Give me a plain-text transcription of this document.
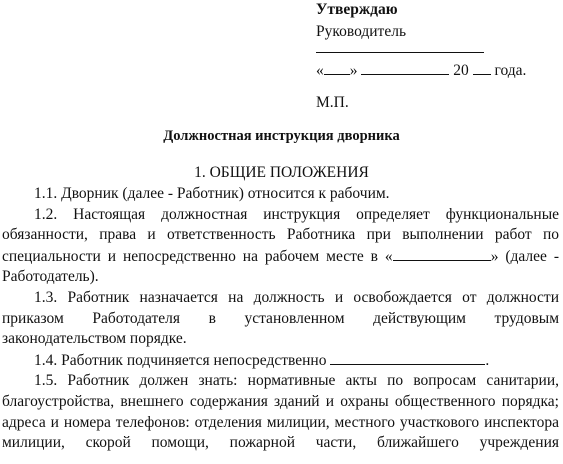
Утверждаю
Руководитель
« »	20 года.
М.П.
Должностная инструкция дворника
1. ОБЩИЕ ПОЛОЖЕНИЯ

1.1. Дворник (далее - Работник) относится к рабочим.

1.2. Настоящая должностная инструкция определяет функциональные обязанности, права и ответственность Работника при выполнении работ по специальности и непосредственно на рабочем месте в «	» (далее - Работодатель).

1.3. Работник назначается на должность и освобождается от должности приказом Работодателя в установленном действующим трудовым законодательством порядке.

1.4. Работник подчиняется непосредственно	.

1.5. Работник должен знать: нормативные акты по вопросам санитарии, благоустройства, внешнего содержания зданий и охраны общественного порядка; адреса и номера телефонов: отделения милиции, местного участкового инспектора милиции, скорой помощи, пожарной части, ближайшего учреждения
